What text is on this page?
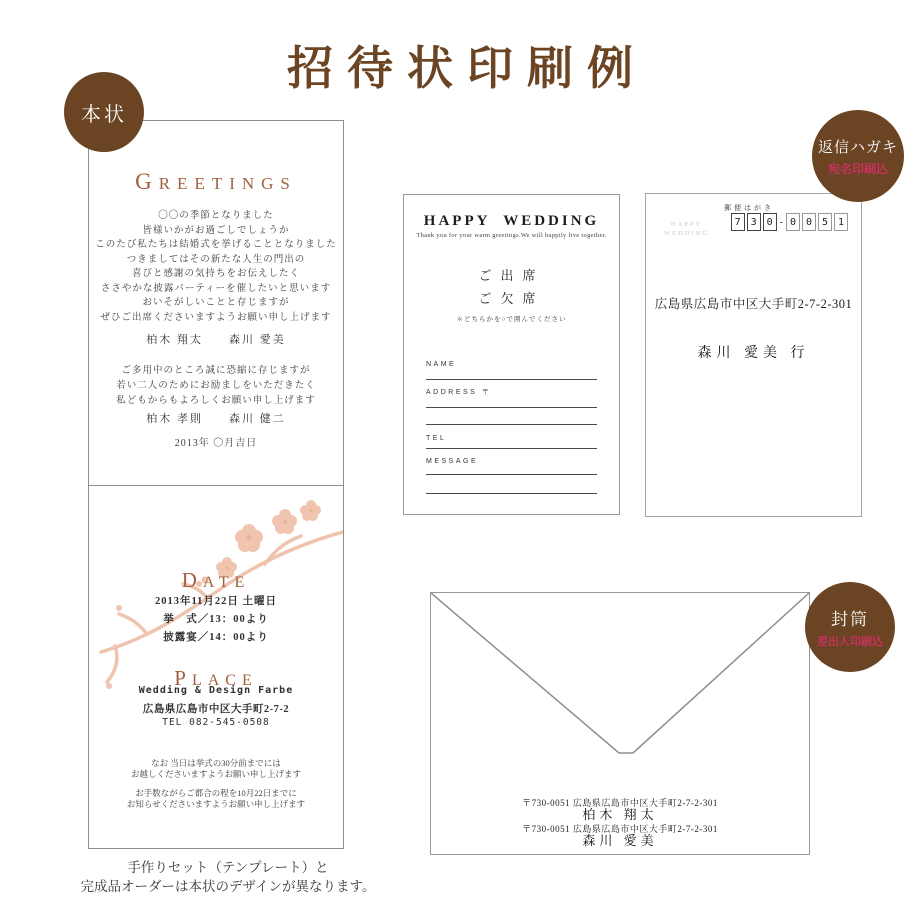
招待状印刷例
本状
GREETINGS
〇〇の季節となりました
皆様いかがお過ごしでしょうか
このたび私たちは結婚式を挙げることとなりました
つきましてはその新たな人生の門出の
喜びと感謝の気持ちをお伝えしたく
ささやかな披露パーティーを催したいと思います
おいそがしいことと存じますが
ぜひご出席くださいますようお願い申し上げます
柏木 翔太　　森川 愛美
ご多用中のところ誠に恐縮に存じますが
若い二人のためにお励ましをいただきたく
私どもからもよろしくお願い申し上げます
柏木 孝則　　森川 健二
2013年 〇月吉日
DATE
2013年11月22日 土曜日
挙　式／13：00より
披露宴／14：00より
PLACE
Wedding & Design Farbe
広島県広島市中区大手町2-7-2
TEL 082-545-0508
なお 当日は挙式の30分前までには
お越しくださいますようお願い申し上げます
お手数ながらご都合の程を10月22日までに
お知らせくださいますようお願い申し上げます
HAPPY WEDDING
Thank you for your warm greetings.We will happily live together.
ご出席
ご欠席
＊どちらかを○で囲んでください
NAME
ADDRESS 〒
TEL
MESSAGE
郵便はがき
7 3 0 - 0 0 5 1
HAPPY
WEDDING
広島県広島市中区大手町2-7-2-301
森川 愛美 行
返信ハガキ
宛名印刷込
〒730-0051 広島県広島市中区大手町2-7-2-301
柏木 翔太
〒730-0051 広島県広島市中区大手町2-7-2-301
森川 愛美
封筒
差出人印刷込
手作りセット（テンプレート）と
完成品オーダーは本状のデザインが異なります。
